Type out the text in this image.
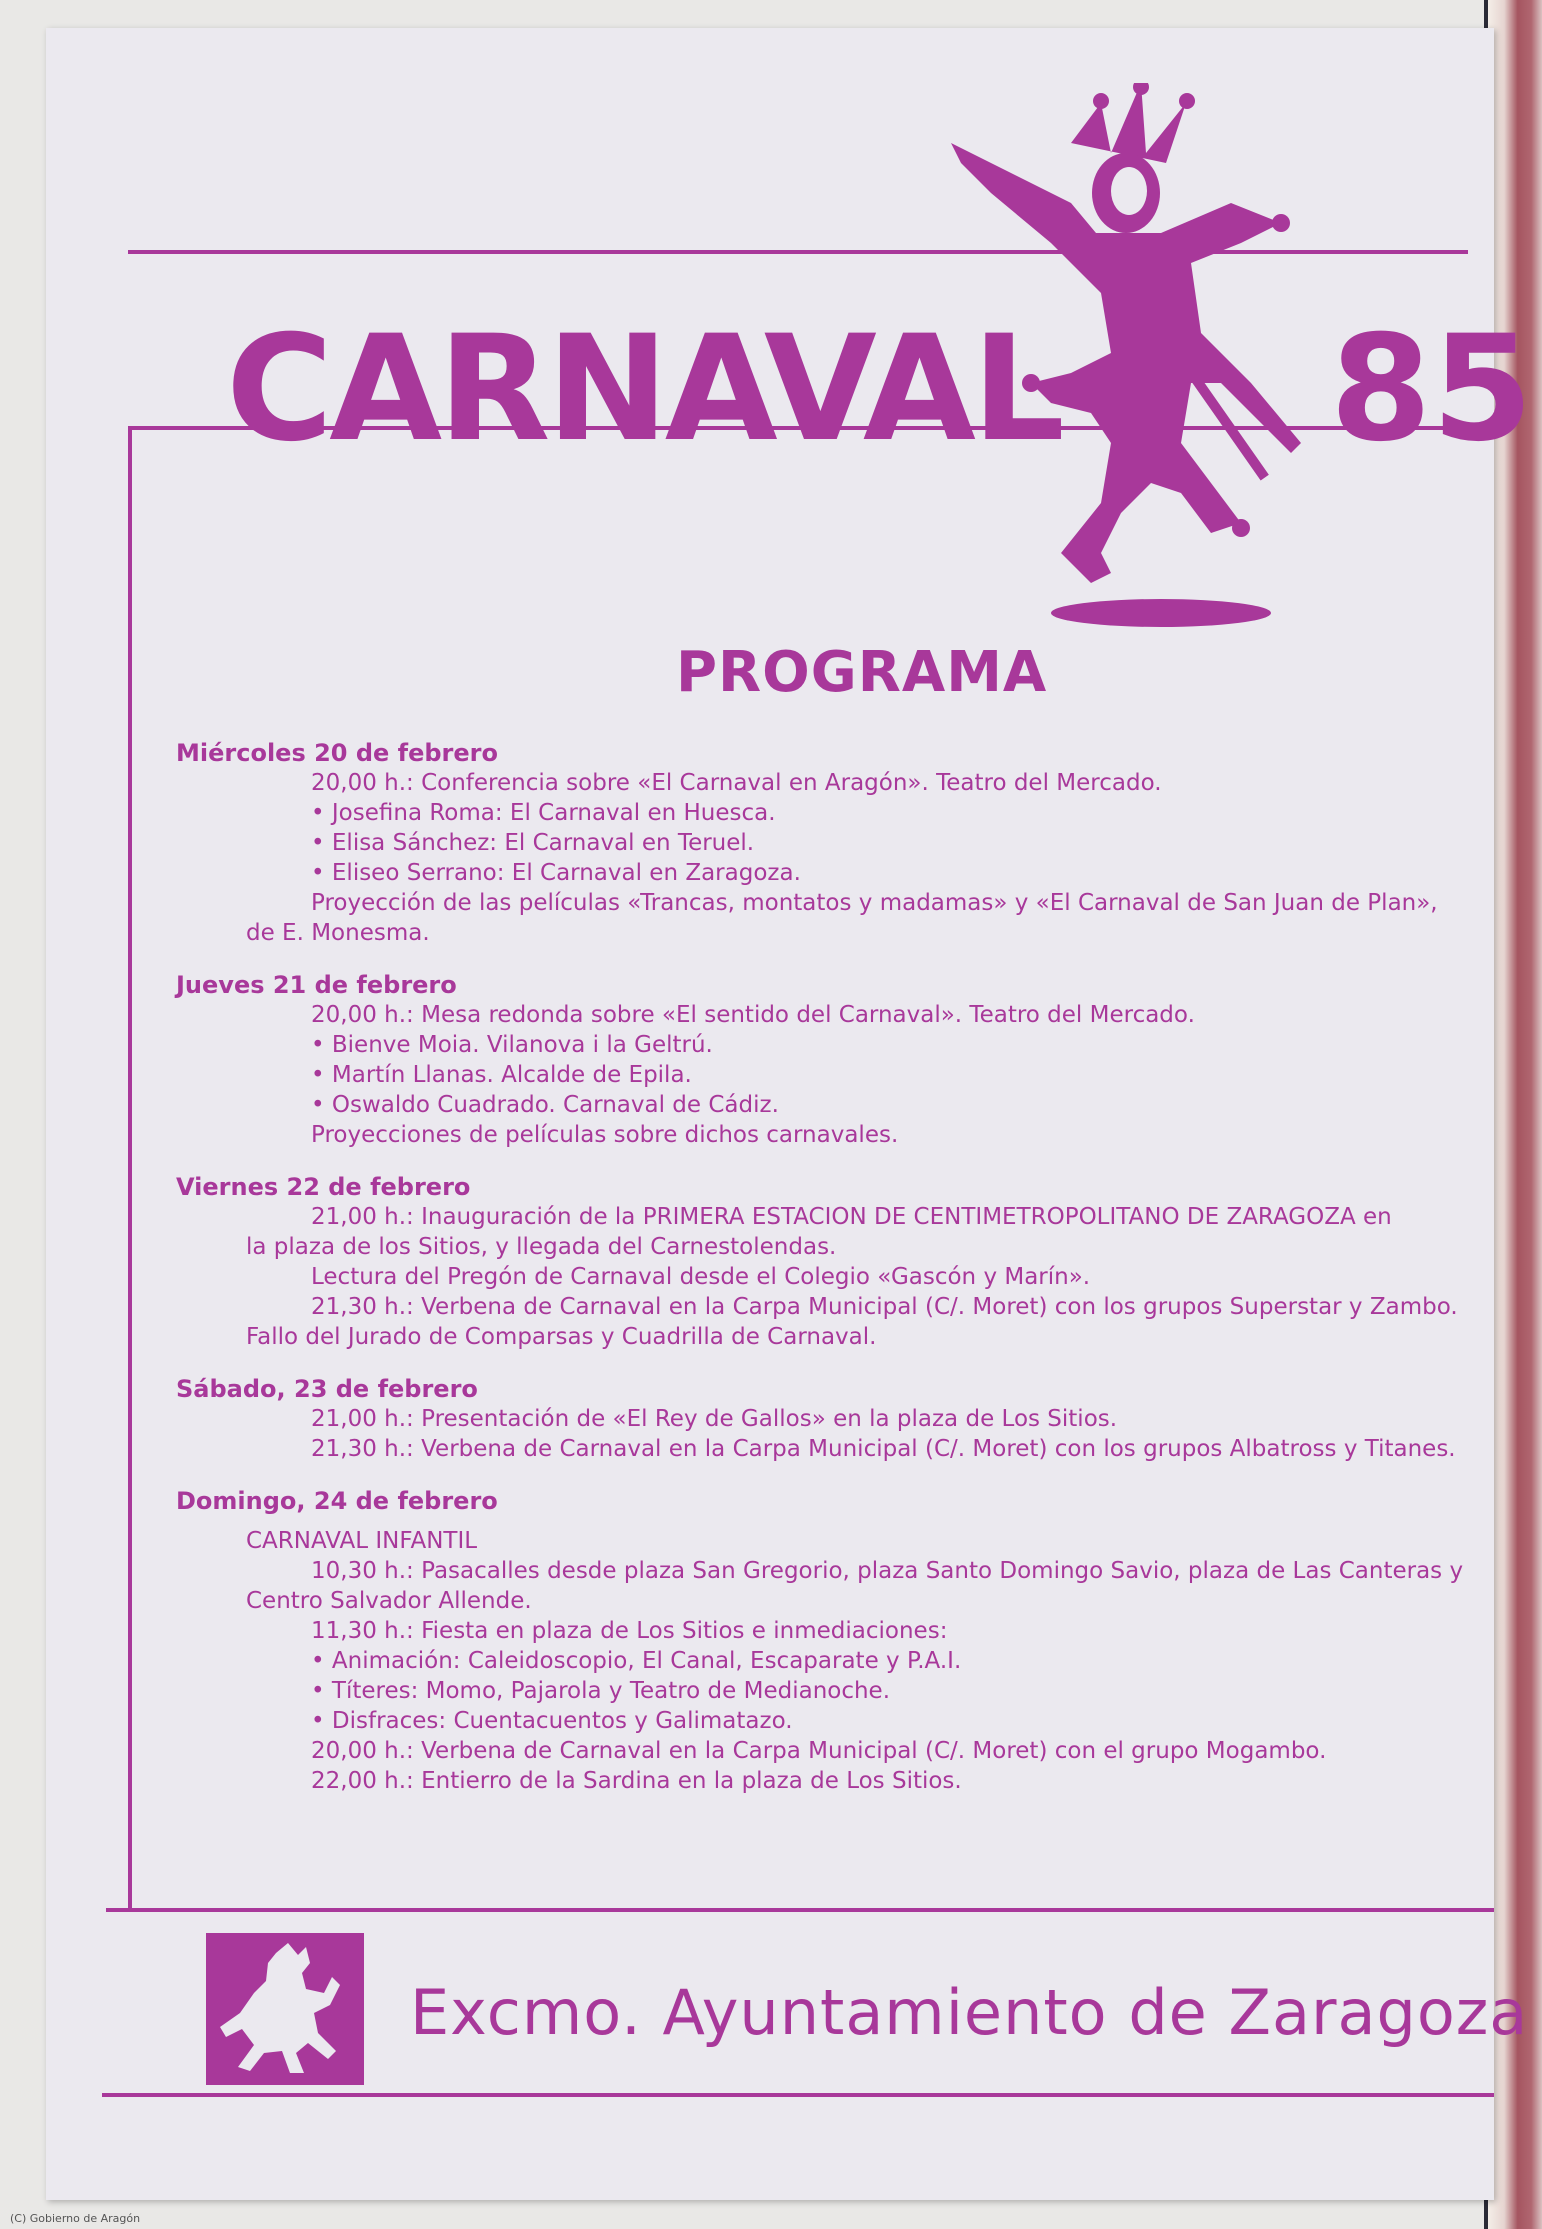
CARNAVAL 85
PROGRAMA
Miércoles 20 de febrero
20,00 h.: Conferencia sobre «El Carnaval en Aragón». Teatro del Mercado.
• Josefina Roma: El Carnaval en Huesca.
• Elisa Sánchez: El Carnaval en Teruel.
• Eliseo Serrano: El Carnaval en Zaragoza.
Proyección de las películas «Trancas, montatos y madamas» y «El Carnaval de San Juan de Plan»,
de E. Monesma.
Jueves 21 de febrero
20,00 h.: Mesa redonda sobre «El sentido del Carnaval». Teatro del Mercado.
• Bienve Moia. Vilanova i la Geltrú.
• Martín Llanas. Alcalde de Epila.
• Oswaldo Cuadrado. Carnaval de Cádiz.
Proyecciones de películas sobre dichos carnavales.
Viernes 22 de febrero
21,00 h.: Inauguración de la PRIMERA ESTACION DE CENTIMETROPOLITANO DE ZARAGOZA en
la plaza de los Sitios, y llegada del Carnestolendas.
Lectura del Pregón de Carnaval desde el Colegio «Gascón y Marín».
21,30 h.: Verbena de Carnaval en la Carpa Municipal (C/. Moret) con los grupos Superstar y Zambo.
Fallo del Jurado de Comparsas y Cuadrilla de Carnaval.
Sábado, 23 de febrero
21,00 h.: Presentación de «El Rey de Gallos» en la plaza de Los Sitios.
21,30 h.: Verbena de Carnaval en la Carpa Municipal (C/. Moret) con los grupos Albatross y Titanes.
Domingo, 24 de febrero
CARNAVAL INFANTIL
10,30 h.: Pasacalles desde plaza San Gregorio, plaza Santo Domingo Savio, plaza de Las Canteras y
Centro Salvador Allende.
11,30 h.: Fiesta en plaza de Los Sitios e inmediaciones:
• Animación: Caleidoscopio, El Canal, Escaparate y P.A.I.
• Títeres: Momo, Pajarola y Teatro de Medianoche.
• Disfraces: Cuentacuentos y Galimatazo.
20,00 h.: Verbena de Carnaval en la Carpa Municipal (C/. Moret) con el grupo Mogambo.
22,00 h.: Entierro de la Sardina en la plaza de Los Sitios.
Excmo. Ayuntamiento de Zaragoza
(C) Gobierno de Aragón
